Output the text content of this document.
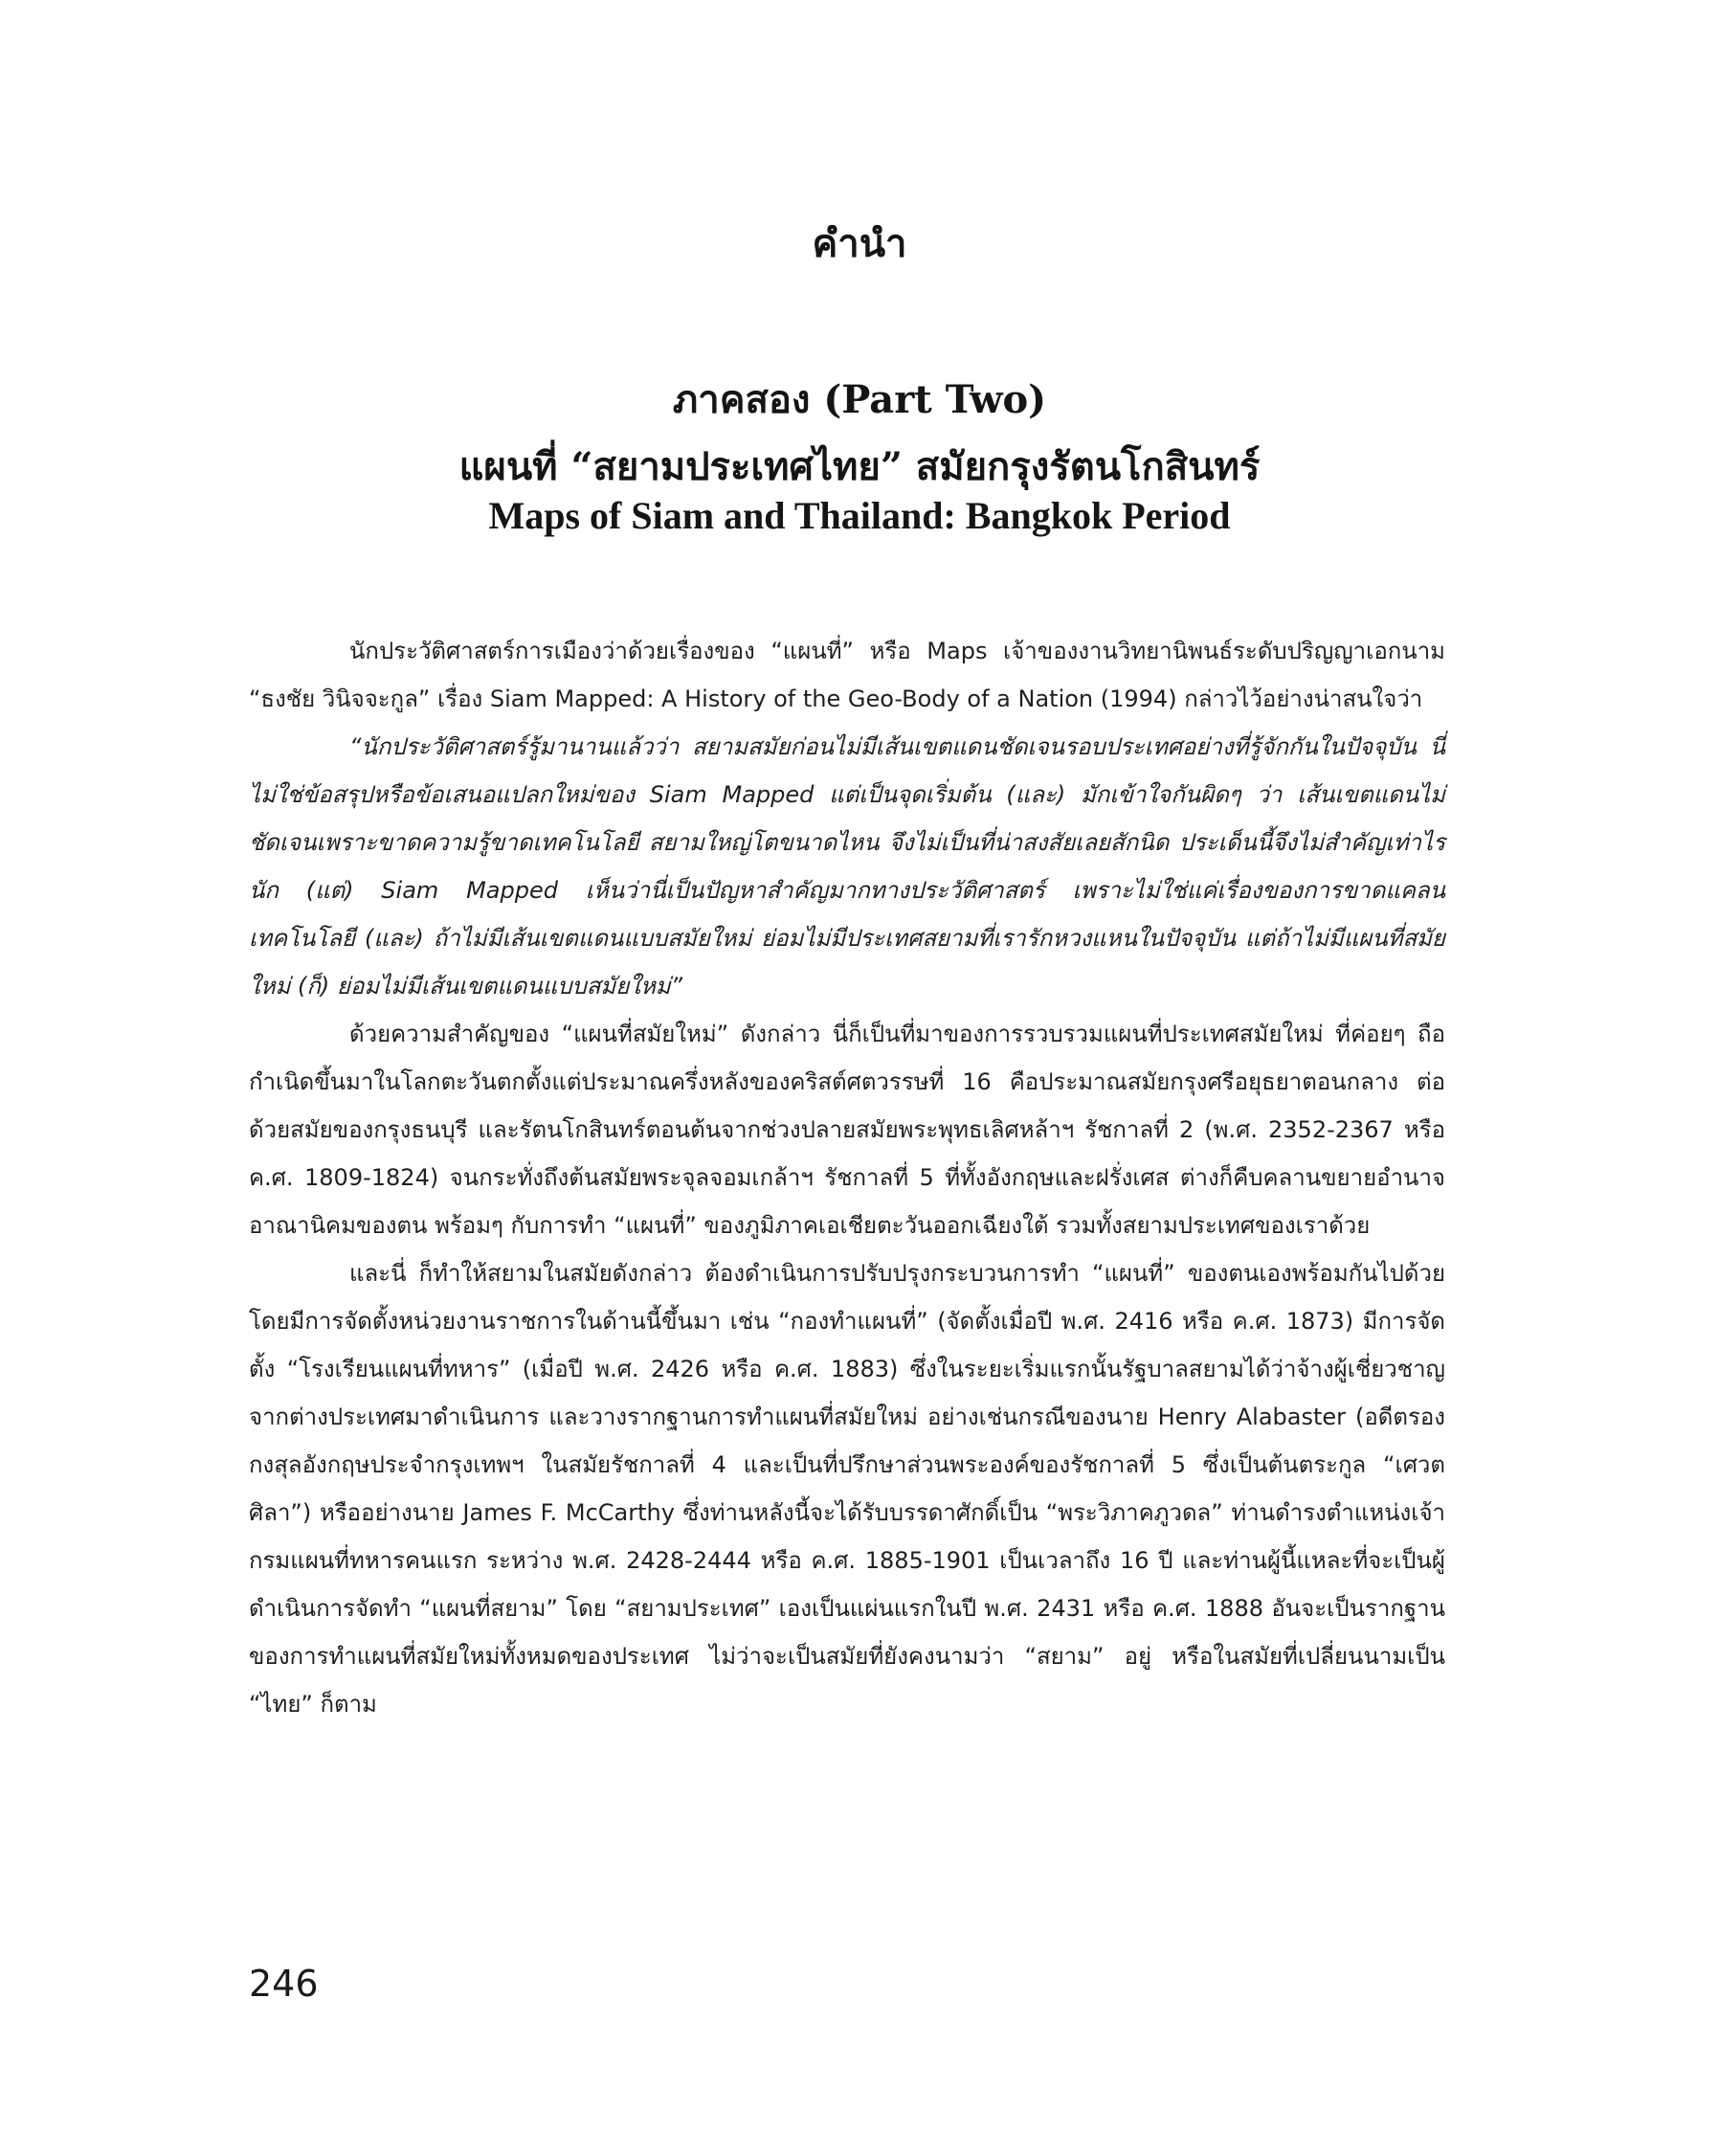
คำนำ
ภาคสอง (Part Two)
แผนที่ “สยามประเทศไทย” สมัยกรุงรัตนโกสินทร์
Maps of Siam and Thailand: Bangkok Period

นักประวัติศาสตร์การเมืองว่าด้วยเรื่องของ “แผนที่” หรือ Maps เจ้าของงานวิทยานิพนธ์ระดับปริญญาเอกนาม “ธงชัย วินิจจะกูล” เรื่อง Siam Mapped: A History of the Geo-Body of a Nation (1994) กล่าวไว้อย่างน่าสนใจว่า

“นักประวัติศาสตร์รู้มานานแล้วว่า สยามสมัยก่อนไม่มีเส้นเขตแดนชัดเจนรอบประเทศอย่างที่รู้จักกันในปัจจุบัน นี่ไม่ใช่ข้อสรุปหรือข้อเสนอแปลกใหม่ของ Siam Mapped แต่เป็นจุดเริ่มต้น (และ) มักเข้าใจกันผิดๆ ว่า เส้นเขตแดนไม่ชัดเจนเพราะขาดความรู้ขาดเทคโนโลยี สยามใหญ่โตขนาดไหน จึงไม่เป็นที่น่าสงสัยเลยสักนิด ประเด็นนี้จึงไม่สำคัญเท่าไรนัก (แต่) Siam Mapped เห็นว่านี่เป็นปัญหาสำคัญมากทางประวัติศาสตร์ เพราะไม่ใช่แค่เรื่องของการขาดแคลนเทคโนโลยี (และ) ถ้าไม่มีเส้นเขตแดนแบบสมัยใหม่ ย่อมไม่มีประเทศสยามที่เรารักหวงแหนในปัจจุบัน แต่ถ้าไม่มีแผนที่สมัยใหม่ (ก็) ย่อมไม่มีเส้นเขตแดนแบบสมัยใหม่”

ด้วยความสำคัญของ “แผนที่สมัยใหม่” ดังกล่าว นี่ก็เป็นที่มาของการรวบรวมแผนที่ประเทศสมัยใหม่ ที่ค่อยๆ ถือกำเนิดขึ้นมาในโลกตะวันตกตั้งแต่ประมาณครึ่งหลังของคริสต์ศตวรรษที่ 16 คือประมาณสมัยกรุงศรีอยุธยาตอนกลาง ต่อด้วยสมัยของกรุงธนบุรี และรัตนโกสินทร์ตอนต้นจากช่วงปลายสมัยพระพุทธเลิศหล้าฯ รัชกาลที่ 2 (พ.ศ. 2352-2367 หรือ ค.ศ. 1809-1824) จนกระทั่งถึงต้นสมัยพระจุลจอมเกล้าฯ รัชกาลที่ 5 ที่ทั้งอังกฤษและฝรั่งเศส ต่างก็คืบคลานขยายอำนาจอาณานิคมของตน พร้อมๆ กับการทำ “แผนที่” ของภูมิภาคเอเชียตะวันออกเฉียงใต้ รวมทั้งสยามประเทศของเราด้วย

และนี่ ก็ทำให้สยามในสมัยดังกล่าว ต้องดำเนินการปรับปรุงกระบวนการทำ “แผนที่” ของตนเองพร้อมกันไปด้วย โดยมีการจัดตั้งหน่วยงานราชการในด้านนี้ขึ้นมา เช่น “กองทำแผนที่” (จัดตั้งเมื่อปี พ.ศ. 2416 หรือ ค.ศ. 1873) มีการจัดตั้ง “โรงเรียนแผนที่ทหาร” (เมื่อปี พ.ศ. 2426 หรือ ค.ศ. 1883) ซึ่งในระยะเริ่มแรกนั้นรัฐบาลสยามได้ว่าจ้างผู้เชี่ยวชาญจากต่างประเทศมาดำเนินการ และวางรากฐานการทำแผนที่สมัยใหม่ อย่างเช่นกรณีของนาย Henry Alabaster (อดีตรองกงสุลอังกฤษประจำกรุงเทพฯ ในสมัยรัชกาลที่ 4 และเป็นที่ปรึกษาส่วนพระองค์ของรัชกาลที่ 5 ซึ่งเป็นต้นตระกูล “เศวตศิลา”) หรืออย่างนาย James F. McCarthy ซึ่งท่านหลังนี้จะได้รับบรรดาศักดิ์เป็น “พระวิภาคภูวดล” ท่านดำรงตำแหน่งเจ้ากรมแผนที่ทหารคนแรก ระหว่าง พ.ศ. 2428-2444 หรือ ค.ศ. 1885-1901 เป็นเวลาถึง 16 ปี และท่านผู้นี้แหละที่จะเป็นผู้ดำเนินการจัดทำ “แผนที่สยาม” โดย “สยามประเทศ” เองเป็นแผ่นแรกในปี พ.ศ. 2431 หรือ ค.ศ. 1888 อันจะเป็นรากฐานของการทำแผนที่สมัยใหม่ทั้งหมดของประเทศ ไม่ว่าจะเป็นสมัยที่ยังคงนามว่า “สยาม” อยู่ หรือในสมัยที่เปลี่ยนนามเป็น “ไทย” ก็ตาม

246
